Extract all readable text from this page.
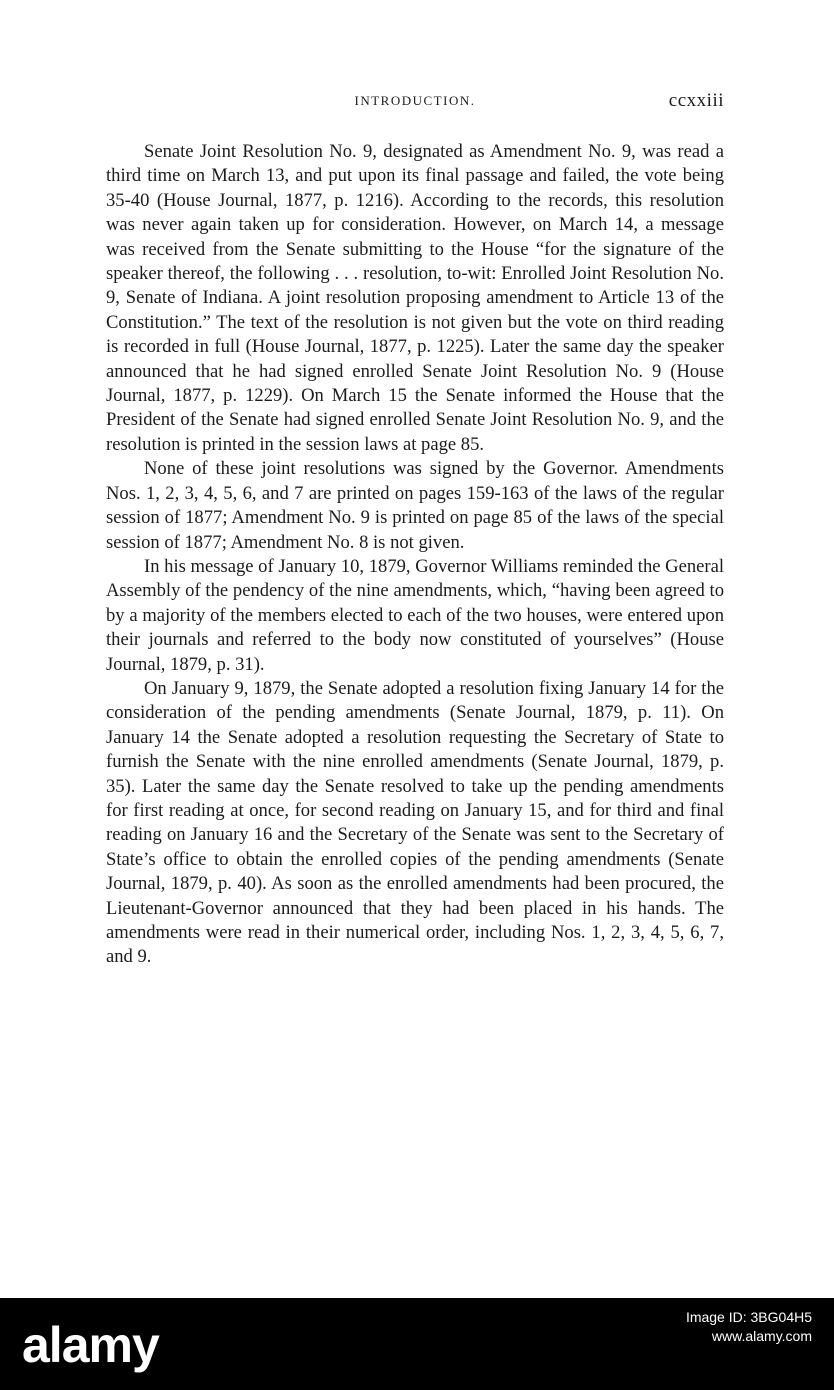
INTRODUCTION.	ccxxiii

Senate Joint Resolution No. 9, designated as Amendment No. 9, was read a third time on March 13, and put upon its final passage and failed, the vote being 35-40 (House Journal, 1877, p. 1216). According to the records, this resolution was never again taken up for consideration. However, on March 14, a message was received from the Senate submitting to the House “for the signature of the speaker thereof, the following . . . resolution, to-wit: Enrolled Joint Resolution No. 9, Senate of Indiana. A joint resolution proposing amendment to Article 13 of the Constitution.” The text of the resolution is not given but the vote on third reading is recorded in full (House Journal, 1877, p. 1225). Later the same day the speaker announced that he had signed enrolled Senate Joint Resolution No. 9 (House Journal, 1877, p. 1229). On March 15 the Senate informed the House that the President of the Senate had signed enrolled Senate Joint Resolution No. 9, and the resolution is printed in the session laws at page 85.

None of these joint resolutions was signed by the Governor. Amendments Nos. 1, 2, 3, 4, 5, 6, and 7 are printed on pages 159-163 of the laws of the regular session of 1877; Amendment No. 9 is printed on page 85 of the laws of the special session of 1877; Amendment No. 8 is not given.

In his message of January 10, 1879, Governor Williams reminded the General Assembly of the pendency of the nine amendments, which, “having been agreed to by a majority of the members elected to each of the two houses, were entered upon their journals and referred to the body now constituted of yourselves” (House Journal, 1879, p. 31).

On January 9, 1879, the Senate adopted a resolution fixing January 14 for the consideration of the pending amendments (Senate Journal, 1879, p. 11). On January 14 the Senate adopted a resolution requesting the Secretary of State to furnish the Senate with the nine enrolled amendments (Senate Journal, 1879, p. 35). Later the same day the Senate resolved to take up the pending amendments for first reading at once, for second reading on January 15, and for third and final reading on January 16 and the Secretary of the Senate was sent to the Secretary of State’s office to obtain the enrolled copies of the pending amendments (Senate Journal, 1879, p. 40). As soon as the enrolled amendments had been procured, the Lieutenant-Governor announced that they had been placed in his hands. The amendments were read in their numerical order, including Nos. 1, 2, 3, 4, 5, 6, 7, and 9.

alamy	Image ID: 3BG04H5
www.alamy.com
